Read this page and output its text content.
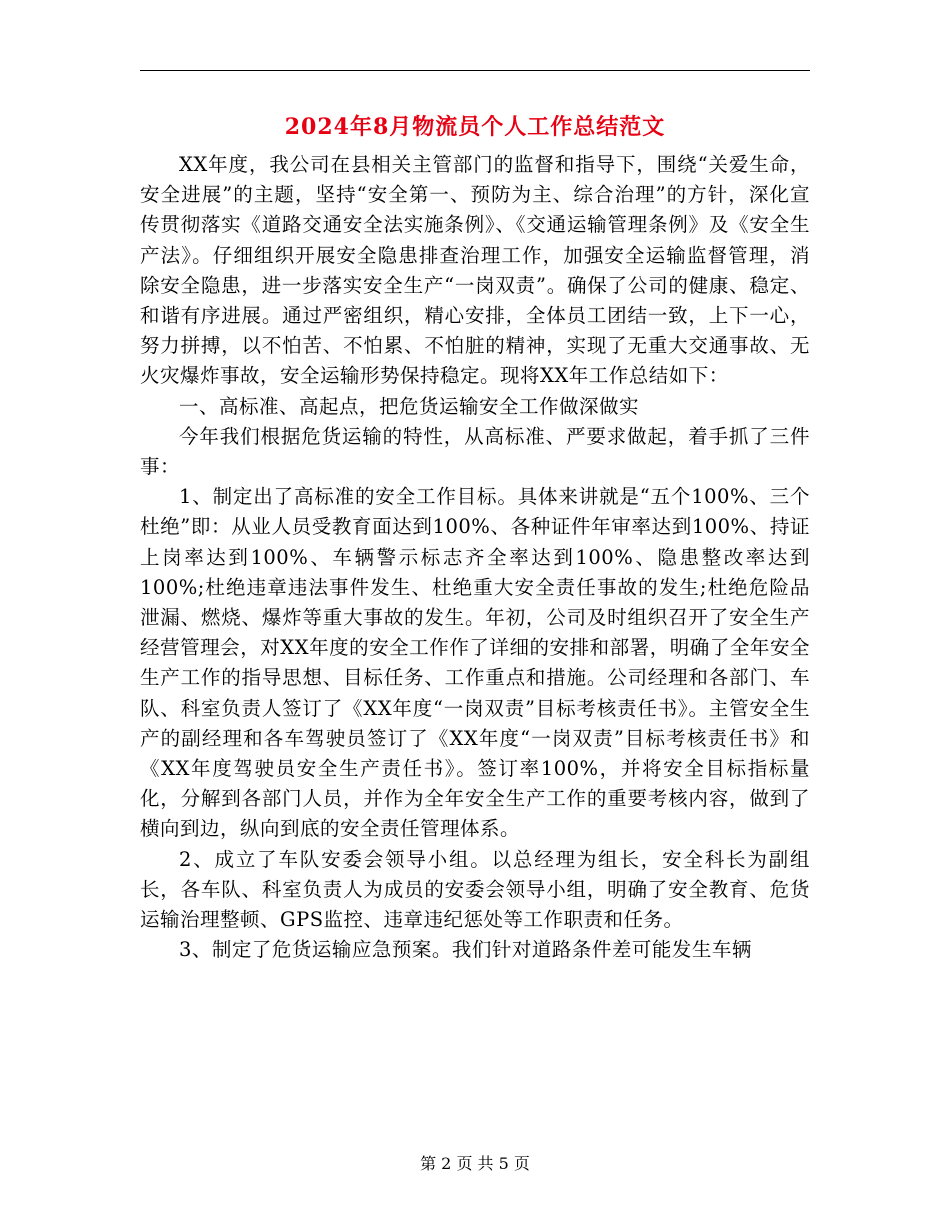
2024年8月物流员个人工作总结范文

XX年度，我公司在县相关主管部门的监督和指导下，围绕“关爱生命，安全进展”的主题，坚持“安全第一、预防为主、综合治理”的方针，深化宣传贯彻落实《道路交通安全法实施条例》、《交通运输管理条例》及《安全生产法》。仔细组织开展安全隐患排查治理工作，加强安全运输监督管理，消除安全隐患，进一步落实安全生产“一岗双责”。确保了公司的健康、稳定、和谐有序进展。通过严密组织，精心安排，全体员工团结一致，上下一心，努力拼搏，以不怕苦、不怕累、不怕脏的精神，实现了无重大交通事故、无火灾爆炸事故，安全运输形势保持稳定。现将XX年工作总结如下：

一、高标准、高起点，把危货运输安全工作做深做实

今年我们根据危货运输的特性，从高标准、严要求做起，着手抓了三件事：

1、制定出了高标准的安全工作目标。具体来讲就是“五个100%、三个杜绝”即：从业人员受教育面达到100%、各种证件年审率达到100%、持证上岗率达到100%、车辆警示标志齐全率达到100%、隐患整改率达到100%;杜绝违章违法事件发生、杜绝重大安全责任事故的发生;杜绝危险品泄漏、燃烧、爆炸等重大事故的发生。年初，公司及时组织召开了安全生产经营管理会，对XX年度的安全工作作了详细的安排和部署，明确了全年安全生产工作的指导思想、目标任务、工作重点和措施。公司经理和各部门、车队、科室负责人签订了《XX年度“一岗双责”目标考核责任书》。主管安全生产的副经理和各车驾驶员签订了《XX年度“一岗双责”目标考核责任书》和《XX年度驾驶员安全生产责任书》。签订率100%，并将安全目标指标量化，分解到各部门人员，并作为全年安全生产工作的重要考核内容，做到了横向到边，纵向到底的安全责任管理体系。

2、成立了车队安委会领导小组。以总经理为组长，安全科长为副组长，各车队、科室负责人为成员的安委会领导小组，明确了安全教育、危货运输治理整顿、GPS监控、违章违纪惩处等工作职责和任务。

3、制定了危货运输应急预案。我们针对道路条件差可能发生车辆

第 2 页 共 5 页
